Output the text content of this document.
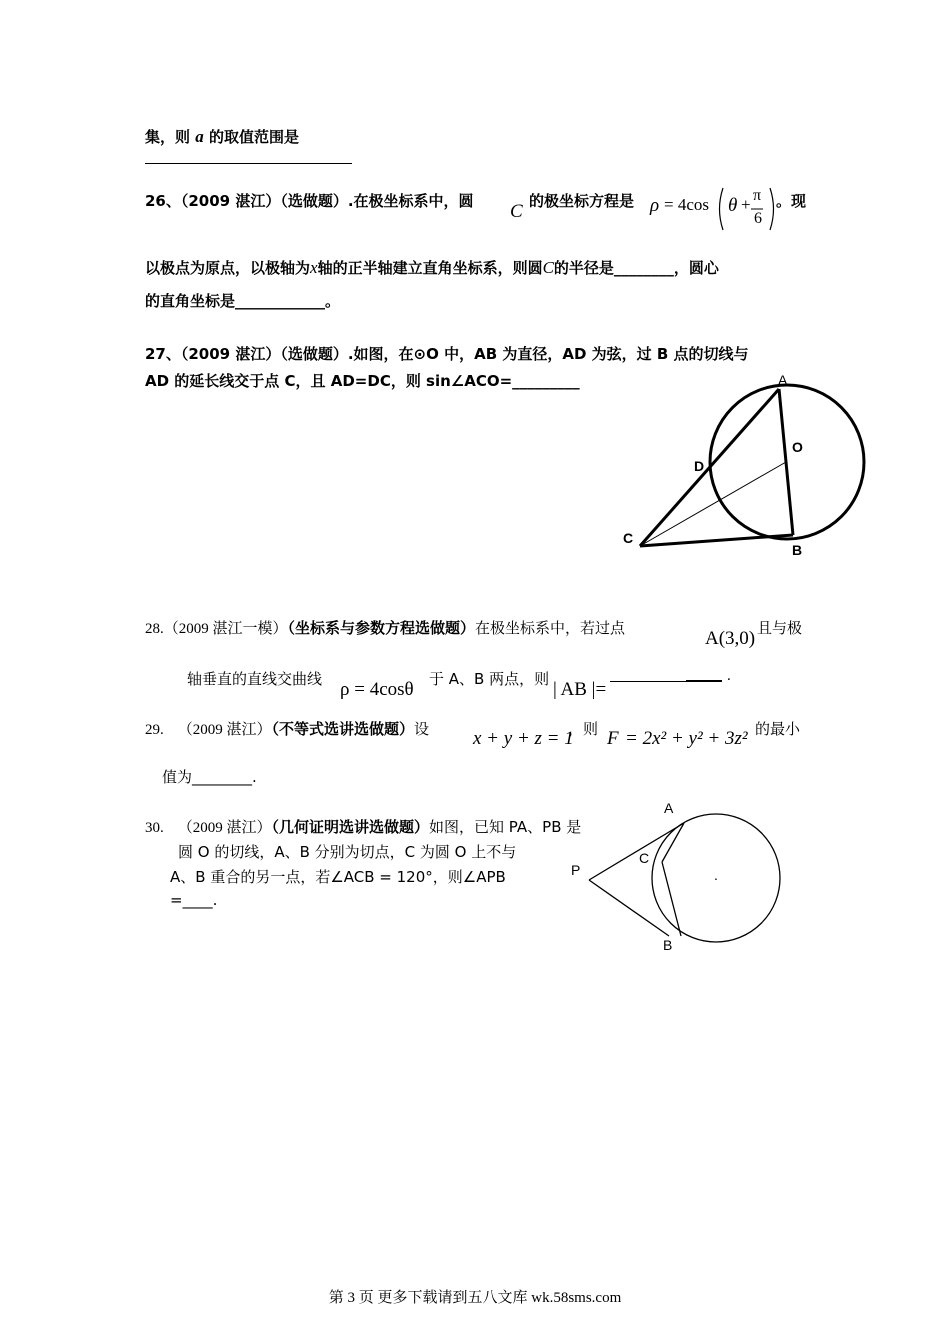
集，则 a 的取值范围是
26、（2009 湛江）（选做题）.在极坐标系中，圆 C 的极坐标方程是 ρ = 4cos θ + π
6
。现
以极点为原点，以极轴为x轴的正半轴建立直角坐标系，则圆C的半径是________，圆心
的直角坐标是____________。
27、（2009 湛江）（选做题）.如图，在⊙O 中，AB 为直径，AD 为弦，过 B 点的切线与
AD 的延长线交于点 C，且 AD=DC，则 sin∠ACO=_________	A
O
D
C
B
28.（2009 湛江一模）（坐标系与参数方程选做题）在极坐标系中，若过点	A(3,0) 且与极
轴垂直的直线交曲线 ρ = 4cosθ 于 A、B 两点，则 | AB |=
.
29. （2009 湛江）（不等式选讲选做题）设 x + y + z = 1
，则 F = 2x² + y² + 3z² 的最小
值为________.
30. （2009 湛江）（几何证明选讲选做题）如图，已知 PA、PB 是
圆 O 的切线，A、B 分别为切点，C 为圆 O 上不与
A、B 重合的另一点，若∠ACB = 120°，则∠APB
=____.
A
C
P
B
.
第 3 页 更多下载请到五八文库 wk.58sms.com
